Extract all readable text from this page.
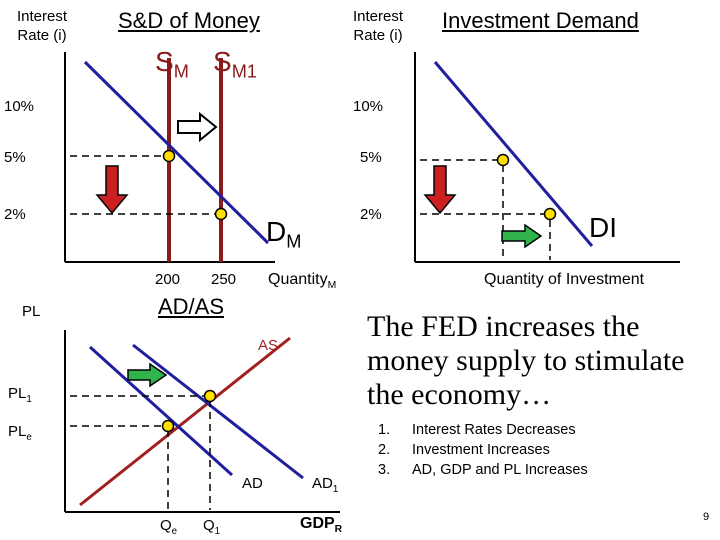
Interest Rate (i)
S&D of Money
$S_M$ $S_{M1}$
10%
5%
2%
200 250
$D_M$
Quantity$_M$
Interest Rate (i)
Investment Demand
10%
5%
2%	DI
Quantity of Investment
AD/AS
PL
AS
$PL_1$
$PL_e$
AD	$AD_1$
$Q_e$ $Q_1$	$GDP_R$
The FED increases the money supply to stimulate the economy…
1.	Interest Rates Decreases
2.	Investment Increases
3.	AD, GDP and PL Increases
9
